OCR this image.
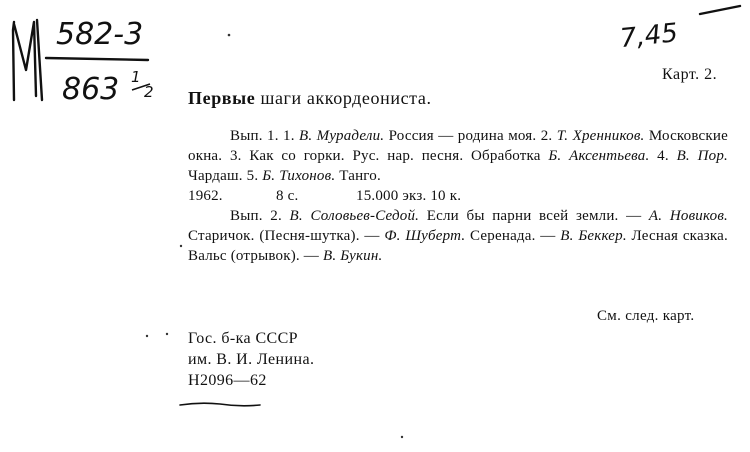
582-3
863 1
2
7,45
Карт. 2.
Первые шаги аккордеониста.

Вып. 1. 1. В. Мурадели. Россия — родина моя. 2. Т. Хренников. Московские окна. 3. Как со горки. Рус. нар. песня. Обработка Б. Аксентьева. 4. В. Пор. Чардаш. 5. Б. Тихонов. Танго.

1962.	8 с.	15.000 экз. 10 к.

Вып. 2. В. Соловьев-Седой. Если бы парни всей земли. — А. Новиков. Старичок. (Песня-шутка). — Ф. Шуберт. Серенада. — В. Беккер. Лесная сказка. Вальс (отрывок). — В. Букин.

См. след. карт.
Гос. б-ка СССР
им. В. И. Ленина.
Н2096—62
